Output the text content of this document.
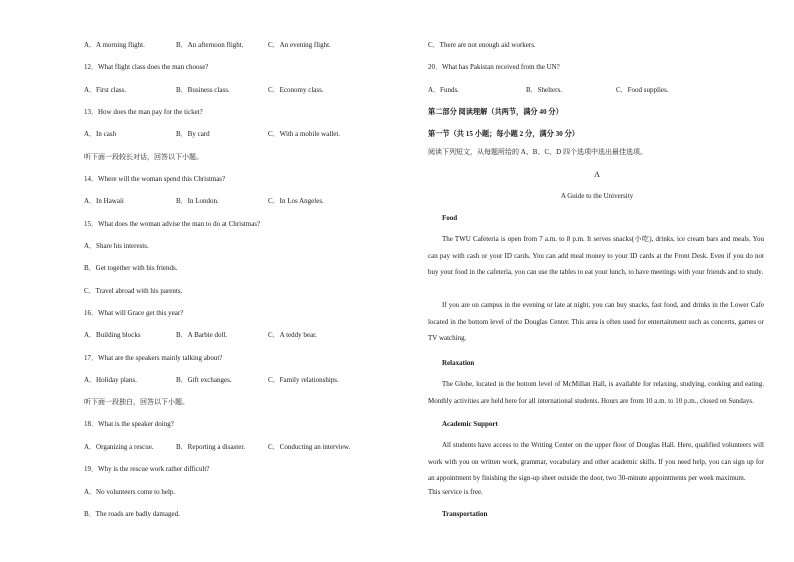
A．A morning flight.	B．An afternoon flight.	C．An evening flight.
12．What flight class does the man choose?
A．First class.	B．Business class.	C．Economy class.
13．How does the man pay for the ticket?
A．In cash	B．By card	C．With a mobile wallet.
听下面一段较长对话，回答以下小题。
14．Where will the woman spend this Christmas?
A．In Hawaii	B．In London.	C．In Los Angeles.
15．What does the woman advise the man to do at Christmas?
A．Share his interests.
B．Get together with his friends.
C．Travel abroad with his parents.
16．What will Grace get this year?
A．Building blocks	B．A Barbie doll.	C．A teddy bear.
17．What are the speakers mainly talking about?
A．Holiday plans.	B．Gift exchanges.	C．Family relationships.
听下面一段独白，回答以下小题。
18．What is the speaker doing?
A．Organizing a rescue.	B．Reporting a disaster.	C．Conducting an interview.
19．Why is the rescue work rather difficult?
A．No volunteers come to help.
B．The roads are badly damaged.
C．There are not enough aid workers.
20．What has Pakistan received from the UN?
A．Funds.	B．Shelters.	C．Food supplies.
第二部分 阅读理解（共两节，满分 40 分）
第一节（共 15 小题；每小题 2 分，满分 30 分）
阅读下列短文，从每题所给的 A、B、C、D 四个选项中选出最佳选项。
A
A Guide to the University
Food
The TWU Cafeteria is open from 7 a.m. to 8 p.m. It serves snacks(小吃), drinks, ice cream bars and meals. You can pay with cash or your ID cards. You can add meal money to your ID cards at the Front Desk. Even if you do not buy your food in the cafeteria, you can use the tables to eat your lunch, to have meetings with your friends and to study.
If you are on campus in the evening or late at night, you can buy snacks, fast food, and drinks in the Lower Cafe located in the bottom level of the Douglas Center. This area is often used for entertainment such as concerts, games or TV watching.
Relaxation
The Globe, located in the bottom level of McMillan Hall, is available for relaxing, studying, cooking and eating. Monthly activities are held here for all international students. Hours are from 10 a.m. to 10 p.m., closed on Sundays.
Academic Support
All students have access to the Writing Center on the upper floor of Douglas Hall. Here, qualified volunteers will work with you on written work, grammar, vocabulary and other academic skills. If you need help, you can sign up for an appointment by finishing the sign-up sheet outside the door, two 30-minute appointments per week maximum.
This service is free.
Transportation
